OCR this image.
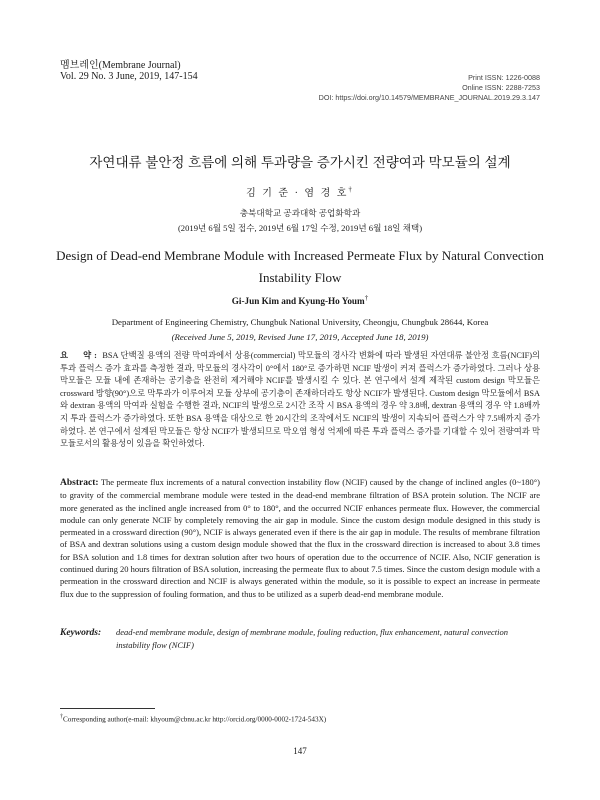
멤브레인(Membrane Journal)
Vol. 29 No. 3 June, 2019, 147-154	Print ISSN: 1226-0088
Online ISSN: 2288-7253
DOI: https://doi.org/10.14579/MEMBRANE_JOURNAL.2019.29.3.147
자연대류 불안정 흐름에 의해 투과량을 증가시킨 전량여과 막모듈의 설계
김 기 준 · 염 경 호†
충북대학교 공과대학 공업화학과
(2019년 6월 5일 접수, 2019년 6월 17일 수정, 2019년 6월 18일 채택)
Design of Dead-end Membrane Module with Increased Permeate Flux by Natural Convection Instability Flow
Gi-Jun Kim and Kyung-Ho Youm†
Department of Engineering Chemistry, Chungbuk National University, Cheongju, Chungbuk 28644, Korea
(Received June 5, 2019, Revised June 17, 2019, Accepted June 18, 2019)
요　약: BSA 단백질 용액의 전량 막여과에서 상용(commercial) 막모듈의 경사각 변화에 따라 발생된 자연대류 불안정 흐름(NCIF)의 투과 플럭스 증가 효과를 측정한 결과, 막모듈의 경사각이 0°에서 180°로 증가하면 NCIF 발생이 커져 플럭스가 증가하였다. 그러나 상용 막모듈은 모듈 내에 존재하는 공기층을 완전히 제거해야 NCIF를 발생시킬 수 있다. 본 연구에서 설계 제작된 custom design 막모듈은 crossward 방향(90°)으로 막투과가 이루어져 모듈 상부에 공기층이 존재하더라도 항상 NCIF가 발생된다. Custom design 막모듈에서 BSA와 dextran 용액의 막여과 실험을 수행한 결과, NCIF의 발생으로 2시간 조작 시 BSA 용액의 경우 약 3.8배, dextran 용액의 경우 약 1.8배까지 투과 플럭스가 증가하였다. 또한 BSA 용액을 대상으로 한 20시간의 조작에서도 NCIF의 발생이 지속되어 플럭스가 약 7.5배까지 증가하였다. 본 연구에서 설계된 막모듈은 항상 NCIF가 발생되므로 막오염 형성 억제에 따른 투과 플럭스 증가를 기대할 수 있어 전량여과 막모듈로서의 활용성이 있음을 확인하였다.
Abstract: The permeate flux increments of a natural convection instability flow (NCIF) caused by the change of inclined angles (0~180°) to gravity of the commercial membrane module were tested in the dead-end membrane filtration of BSA protein solution. The NCIF are more generated as the inclined angle increased from 0° to 180°, and the occurred NCIF enhances permeate flux. However, the commercial module can only generate NCIF by completely removing the air gap in module. Since the custom design module designed in this study is permeated in a crossward direction (90°), NCIF is always generated even if there is the air gap in module. The results of membrane filtration of BSA and dextran solutions using a custom design module showed that the flux in the crossward direction is increased to about 3.8 times for BSA solution and 1.8 times for dextran solution after two hours of operation due to the occurrence of NCIF. Also, NCIF generation is continued during 20 hours filtration of BSA solution, increasing the permeate flux to about 7.5 times. Since the custom design module with a permeation in the crossward direction and NCIF is always generated within the module, so it is possible to expect an increase in permeate flux due to the suppression of fouling formation, and thus to be utilized as a superb dead-end membrane module.
Keywords: dead-end membrane module, design of membrane module, fouling reduction, flux enhancement, natural convection instability flow (NCIF)
†Corresponding author(e-mail: khyoum@cbnu.ac.kr http://orcid.org/0000-0002-1724-543X)
147
